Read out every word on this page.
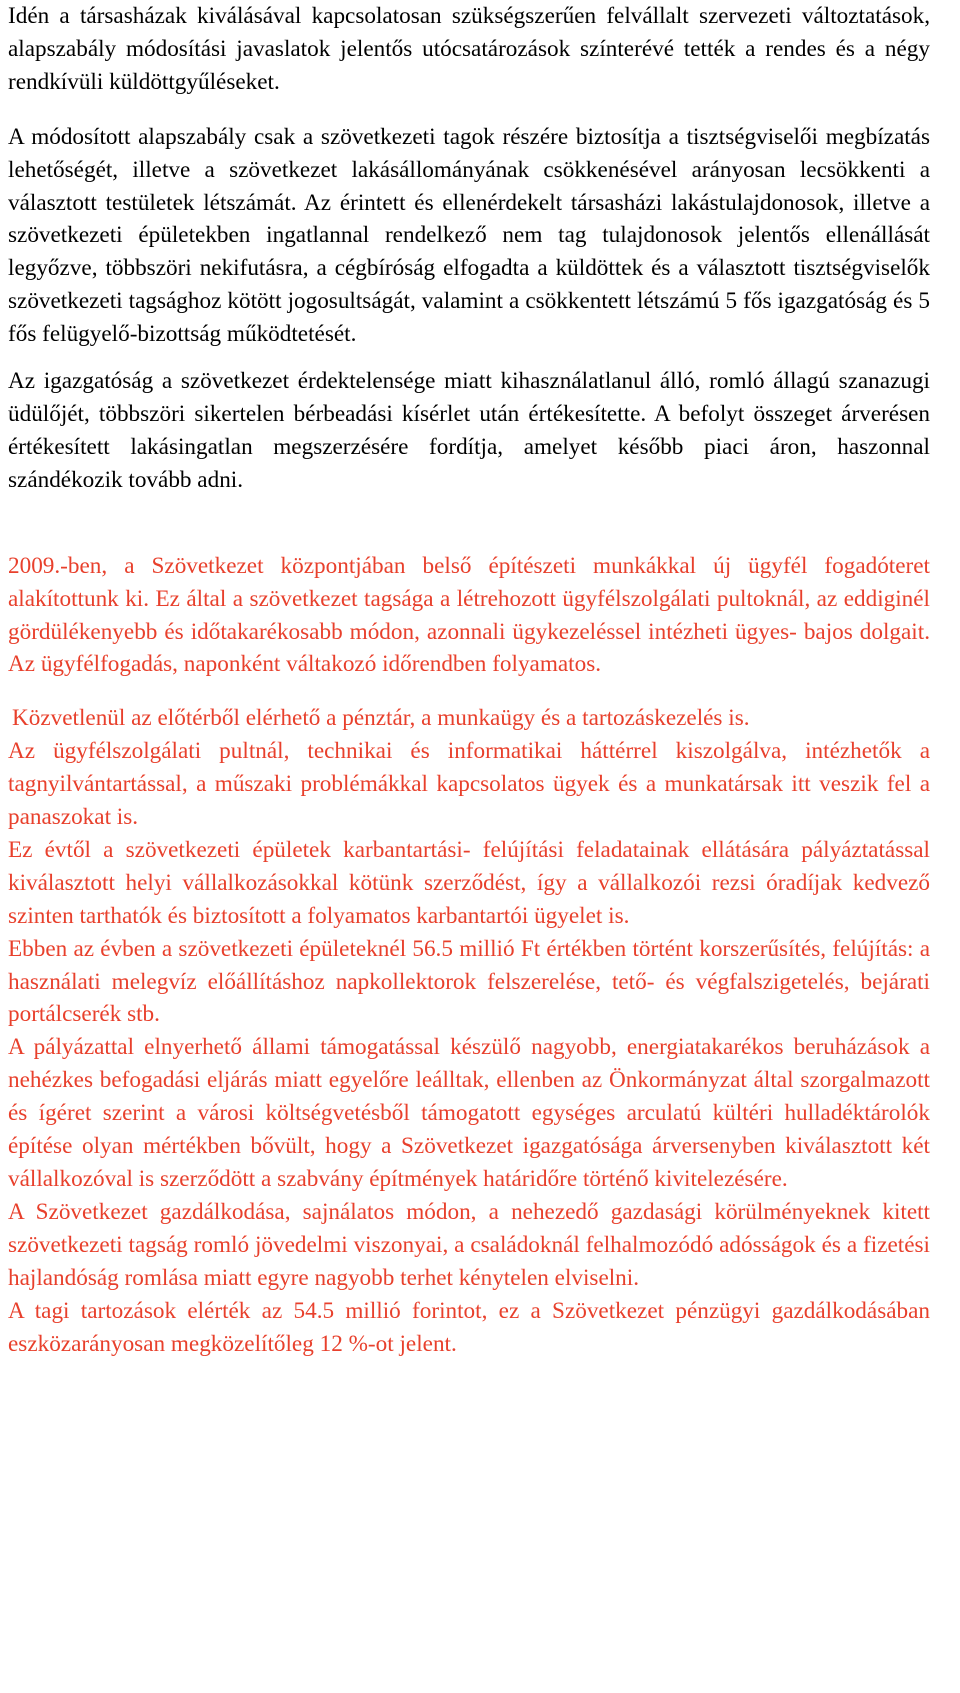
Idén a társasházak kiválásával kapcsolatosan szükségszerűen felvállalt szervezeti változtatások, alapszabály módosítási javaslatok jelentős utócsatározások színterévé tették a rendes és a négy rendkívüli küldöttgyűléseket.

A módosított alapszabály csak a szövetkezeti tagok részére biztosítja a tisztségviselői megbízatás lehetőségét, illetve a szövetkezet lakásállományának csökkenésével arányosan lecsökkenti a választott testületek létszámát. Az érintett és ellenérdekelt társasházi lakástulajdonosok, illetve a szövetkezeti épületekben ingatlannal rendelkező nem tag tulajdonosok jelentős ellenállását legyőzve, többszöri nekifutásra, a cégbíróság elfogadta a küldöttek és a választott tisztségviselők szövetkezeti tagsághoz kötött jogosultságát, valamint a csökkentett létszámú 5 fős igazgatóság és 5 fős felügyelő-bizottság működtetését.

Az igazgatóság a szövetkezet érdektelensége miatt kihasználatlanul álló, romló állagú szanazugi üdülőjét, többszöri sikertelen bérbeadási kísérlet után értékesítette. A befolyt összeget árverésen értékesített lakásingatlan megszerzésére fordítja, amelyet később piaci áron, haszonnal szándékozik tovább adni.

2009.-ben, a Szövetkezet központjában belső építészeti munkákkal új ügyfél fogadóteret alakítottunk ki. Ez által a szövetkezet tagsága a létrehozott ügyfélszolgálati pultoknál, az eddiginél gördülékenyebb és időtakarékosabb módon, azonnali ügykezeléssel intézheti ügyes- bajos dolgait. Az ügyfélfogadás, naponként váltakozó időrendben folyamatos.

Közvetlenül az előtérből elérhető a pénztár, a munkaügy és a tartozáskezelés is.

Az ügyfélszolgálati pultnál, technikai és informatikai háttérrel kiszolgálva, intézhetők a tagnyilvántartással, a műszaki problémákkal kapcsolatos ügyek és a munkatársak itt veszik fel a panaszokat is.

Ez évtől a szövetkezeti épületek karbantartási- felújítási feladatainak ellátására pályáztatással kiválasztott helyi vállalkozásokkal kötünk szerződést, így a vállalkozói rezsi óradíjak kedvező szinten tarthatók és biztosított a folyamatos karbantartói ügyelet is.

Ebben az évben a szövetkezeti épületeknél 56.5 millió Ft értékben történt korszerűsítés, felújítás: a használati melegvíz előállításhoz napkollektorok felszerelése, tető- és végfalszigetelés, bejárati portálcserék stb.

A pályázattal elnyerhető állami támogatással készülő nagyobb, energiatakarékos beruházások a nehézkes befogadási eljárás miatt egyelőre leálltak, ellenben az Önkormányzat által szorgalmazott és ígéret szerint a városi költségvetésből támogatott egységes arculatú kültéri hulladéktárolók építése olyan mértékben bővült, hogy a Szövetkezet igazgatósága árversenyben kiválasztott két vállalkozóval is szerződött a szabvány építmények határidőre történő kivitelezésére.

A Szövetkezet gazdálkodása, sajnálatos módon, a nehezedő gazdasági körülményeknek kitett szövetkezeti tagság romló jövedelmi viszonyai, a családoknál felhalmozódó adósságok és a fizetési hajlandóság romlása miatt egyre nagyobb terhet kénytelen elviselni.

A tagi tartozások elérték az 54.5 millió forintot, ez a Szövetkezet pénzügyi gazdálkodásában eszközarányosan megközelítőleg 12 %-ot jelent.
